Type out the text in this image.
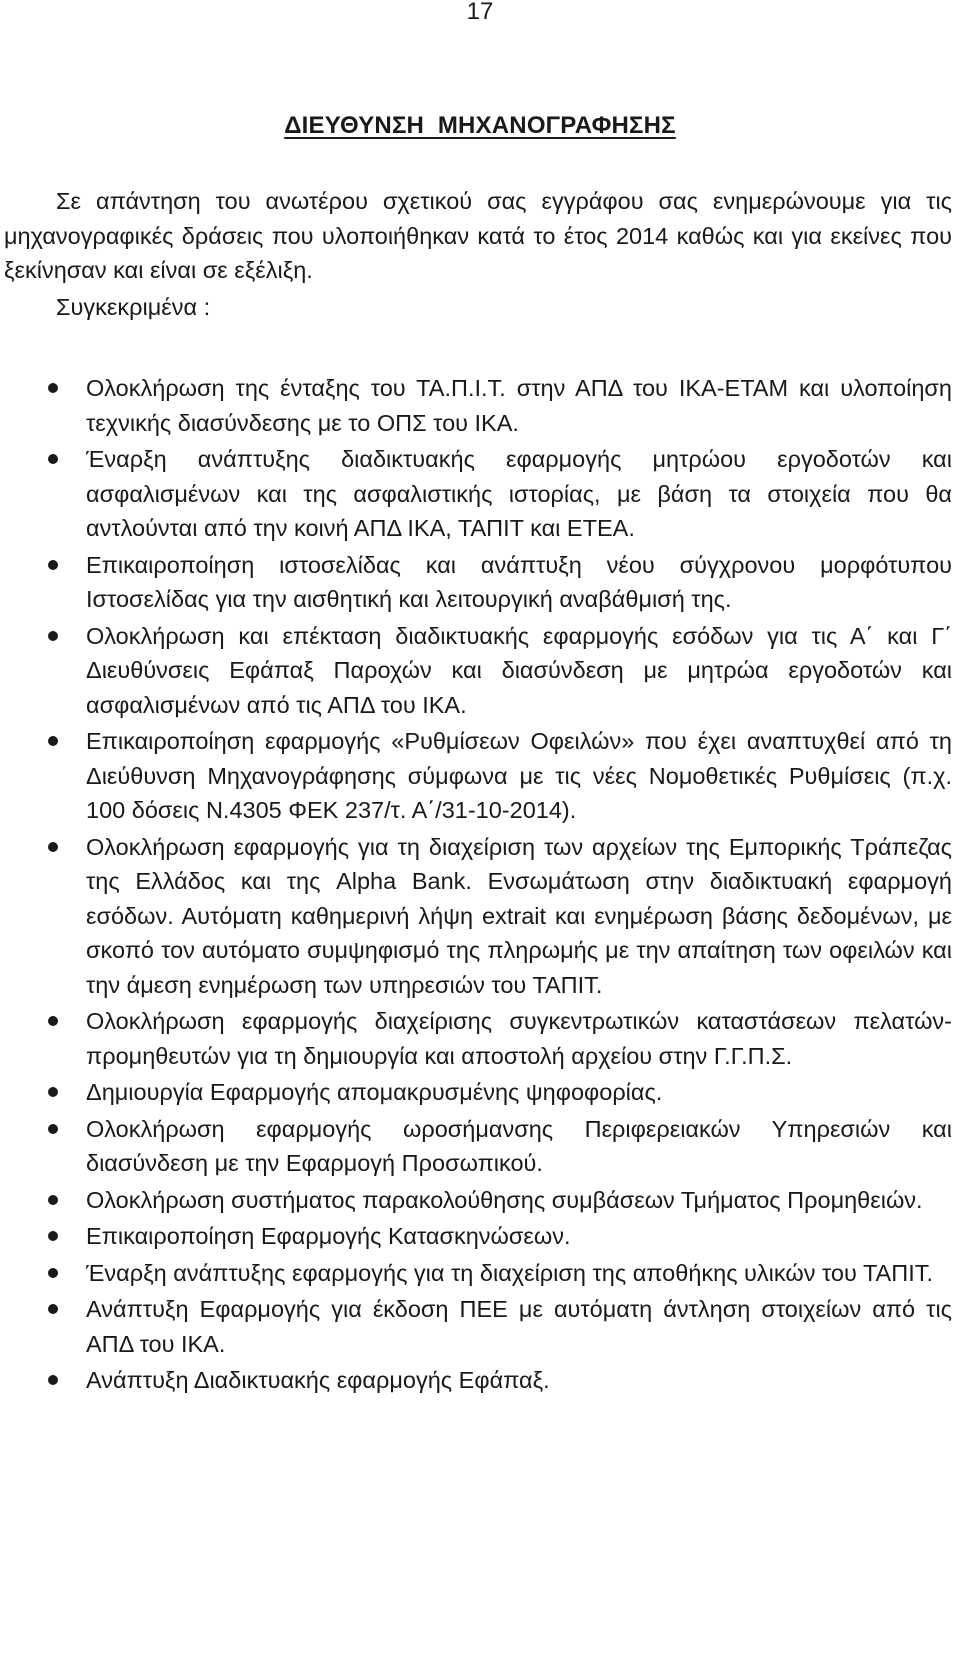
17
ΔΙΕΥΘΥΝΣΗ  ΜΗΧΑΝΟΓΡΑΦΗΣΗΣ

Σε απάντηση του ανωτέρου σχετικού σας εγγράφου σας ενημερώνουμε για τις μηχανογραφικές δράσεις που υλοποιήθηκαν κατά το έτος 2014 καθώς και για εκείνες που ξεκίνησαν και είναι σε εξέλιξη.

Συγκεκριμένα :

Ολοκλήρωση της ένταξης του ΤΑ.Π.Ι.Τ. στην ΑΠΔ του ΙΚΑ-ΕΤΑΜ και υλοποίηση τεχνικής διασύνδεσης με το ΟΠΣ του ΙΚΑ.
Έναρξη ανάπτυξης διαδικτυακής εφαρμογής μητρώου εργοδοτών και ασφαλισμένων και της ασφαλιστικής ιστορίας, με βάση τα στοιχεία που θα αντλούνται από την κοινή ΑΠΔ ΙΚΑ, ΤΑΠΙΤ και ΕΤΕΑ.
Επικαιροποίηση ιστοσελίδας και ανάπτυξη νέου σύγχρονου μορφότυπου Ιστοσελίδας για την αισθητική και λειτουργική αναβάθμισή της.
Ολοκλήρωση και επέκταση διαδικτυακής εφαρμογής εσόδων για τις Α΄ και Γ΄ Διευθύνσεις Εφάπαξ Παροχών και διασύνδεση με μητρώα εργοδοτών και ασφαλισμένων από τις ΑΠΔ του ΙΚΑ.
Επικαιροποίηση εφαρμογής «Ρυθμίσεων Οφειλών» που έχει αναπτυχθεί από τη Διεύθυνση Μηχανογράφησης σύμφωνα με τις νέες Νομοθετικές Ρυθμίσεις (π.χ. 100 δόσεις Ν.4305 ΦΕΚ 237/τ. Α΄/31-10-2014).
Ολοκλήρωση εφαρμογής για τη διαχείριση των αρχείων της Εμπορικής Τράπεζας της Ελλάδος και της Alpha Bank. Ενσωμάτωση στην διαδικτυακή εφαρμογή εσόδων. Αυτόματη καθημερινή λήψη extrait και ενημέρωση βάσης δεδομένων, με σκοπό τον αυτόματο συμψηφισμό της πληρωμής με την απαίτηση των οφειλών και την άμεση ενημέρωση των υπηρεσιών του ΤΑΠΙΤ.
Ολοκλήρωση εφαρμογής διαχείρισης συγκεντρωτικών καταστάσεων πελατών-προμηθευτών για τη δημιουργία και αποστολή αρχείου στην Γ.Γ.Π.Σ.
Δημιουργία Εφαρμογής απομακρυσμένης ψηφοφορίας.
Ολοκλήρωση εφαρμογής ωροσήμανσης Περιφερειακών Υπηρεσιών και διασύνδεση με την Εφαρμογή Προσωπικού.
Ολοκλήρωση συστήματος παρακολούθησης συμβάσεων Τμήματος Προμηθειών.
Επικαιροποίηση Εφαρμογής Κατασκηνώσεων.
Έναρξη ανάπτυξης εφαρμογής για τη διαχείριση της αποθήκης υλικών του ΤΑΠΙΤ.
Ανάπτυξη Εφαρμογής για έκδοση ΠΕΕ με αυτόματη άντληση στοιχείων από τις ΑΠΔ του ΙΚΑ.
Ανάπτυξη Διαδικτυακής εφαρμογής Εφάπαξ.
